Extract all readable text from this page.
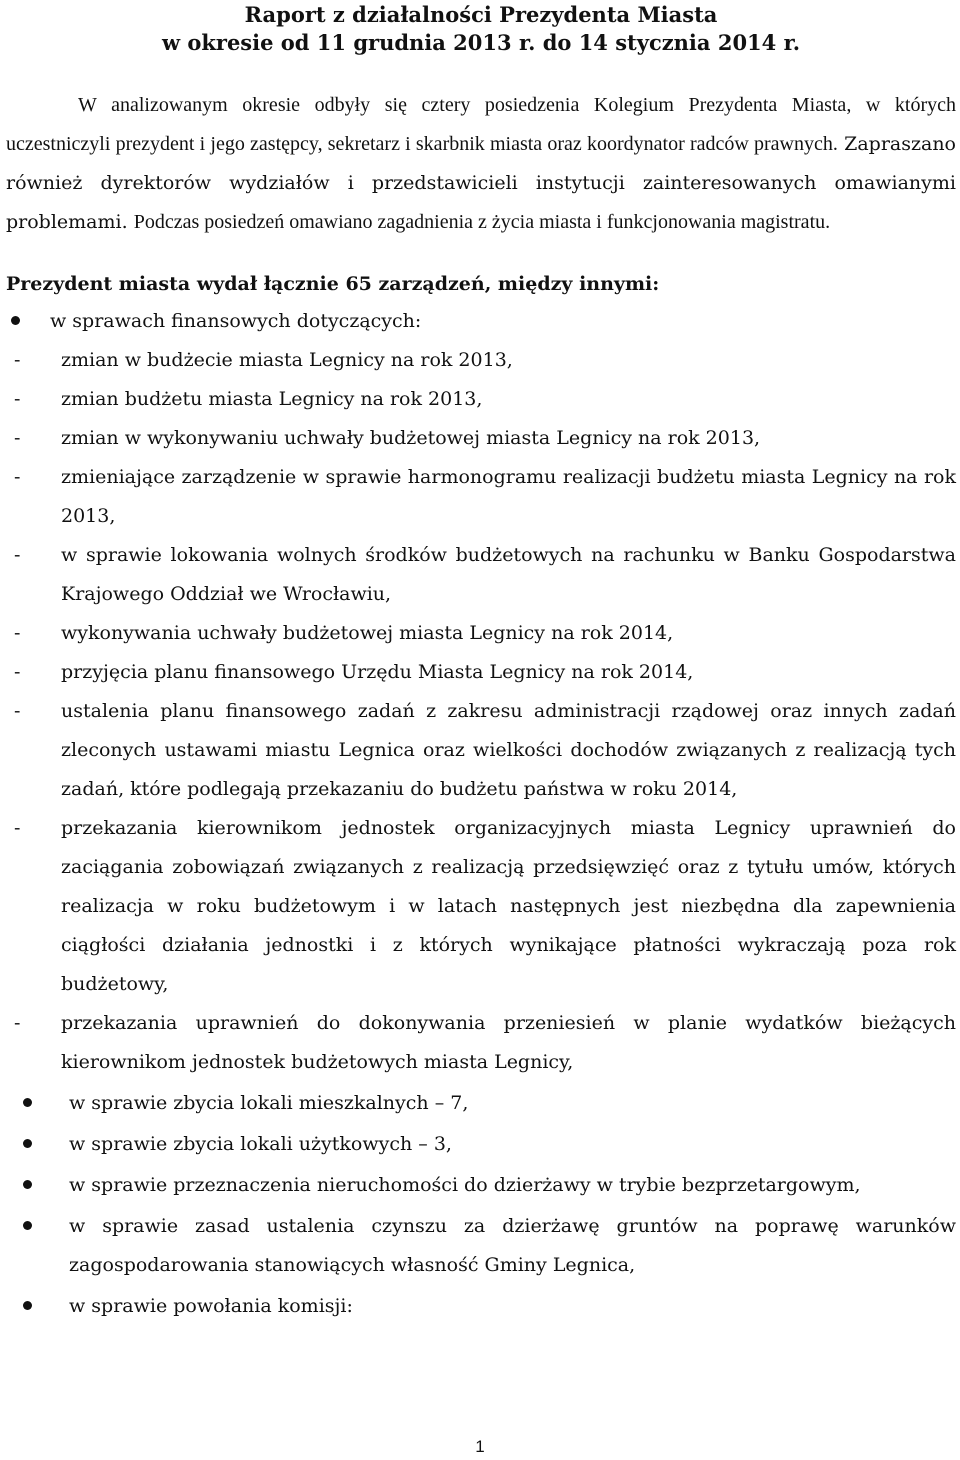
Raport z działalności Prezydenta Miasta
w okresie od 11 grudnia 2013 r. do 14 stycznia 2014 r.

W analizowanym okresie odbyły się cztery posiedzenia Kolegium Prezydenta Miasta, w których uczestniczyli prezydent i jego zastępcy, sekretarz i skarbnik miasta oraz koordynator radców prawnych. Zapraszano również dyrektorów wydziałów i przedstawicieli instytucji zainteresowanych omawianymi problemami. Podczas posiedzeń omawiano zagadnienia z życia miasta i funkcjonowania magistratu.

Prezydent miasta wydał łącznie 65 zarządzeń, między innymi:

w sprawach finansowych dotyczących:
- zmian w budżecie miasta Legnicy na rok 2013,
- zmian budżetu miasta Legnicy na rok 2013,
- zmian w wykonywaniu uchwały budżetowej miasta Legnicy na rok 2013,
- zmieniające zarządzenie w sprawie harmonogramu realizacji budżetu miasta Legnicy na rok 2013,
- w sprawie lokowania wolnych środków budżetowych na rachunku w Banku Gospodarstwa Krajowego Oddział we Wrocławiu,
- wykonywania uchwały budżetowej miasta Legnicy na rok 2014,
- przyjęcia planu finansowego Urzędu Miasta Legnicy na rok 2014,
- ustalenia planu finansowego zadań z zakresu administracji rządowej oraz innych zadań zleconych ustawami miastu Legnica oraz wielkości dochodów związanych z realizacją tych zadań, które podlegają przekazaniu do budżetu państwa w roku 2014,
- przekazania kierownikom jednostek organizacyjnych miasta Legnicy uprawnień do zaciągania zobowiązań związanych z realizacją przedsięwzięć oraz z tytułu umów, których realizacja w roku budżetowym i w latach następnych jest niezbędna dla zapewnienia ciągłości działania jednostki i z których wynikające płatności wykraczają poza rok budżetowy,
- przekazania uprawnień do dokonywania przeniesień w planie wydatków bieżących kierownikom jednostek budżetowych miasta Legnicy,
w sprawie zbycia lokali mieszkalnych – 7,
w sprawie zbycia lokali użytkowych – 3,
w sprawie przeznaczenia nieruchomości do dzierżawy w trybie bezprzetargowym,
w sprawie zasad ustalenia czynszu za dzierżawę gruntów na poprawę warunków zagospodarowania stanowiących własność Gminy Legnica,
w sprawie powołania komisji:
1
